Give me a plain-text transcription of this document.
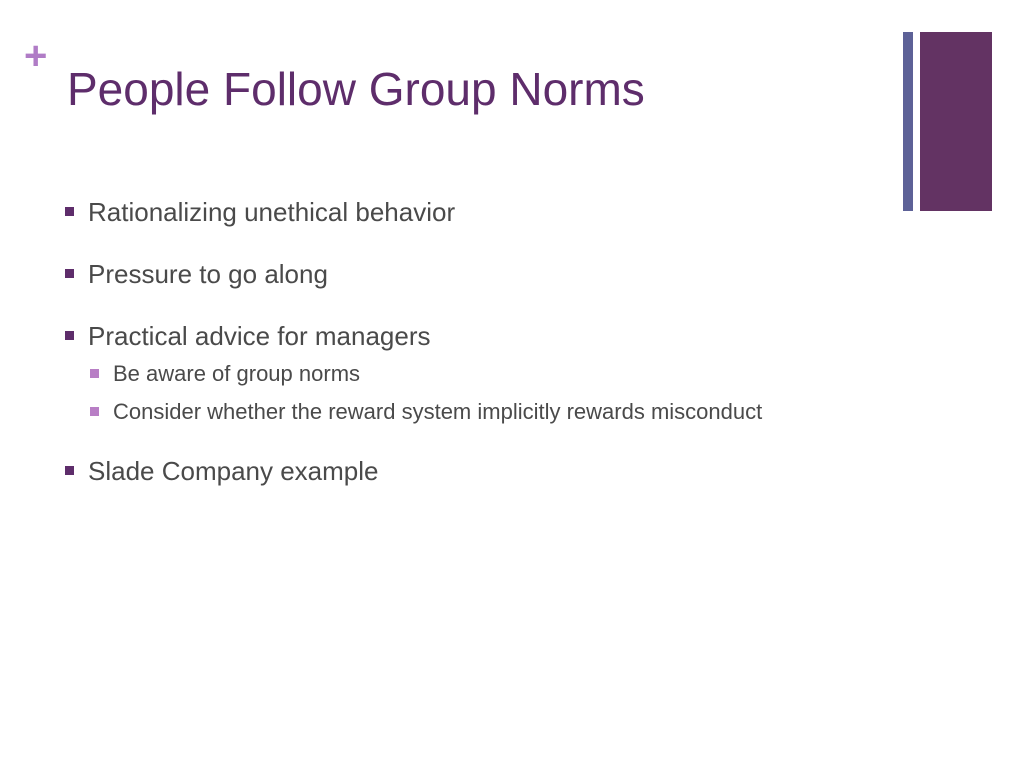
+
People Follow Group Norms
Rationalizing unethical behavior
Pressure to go along
Practical advice for managers
Be aware of group norms
Consider whether the reward system implicitly rewards misconduct
Slade Company example
